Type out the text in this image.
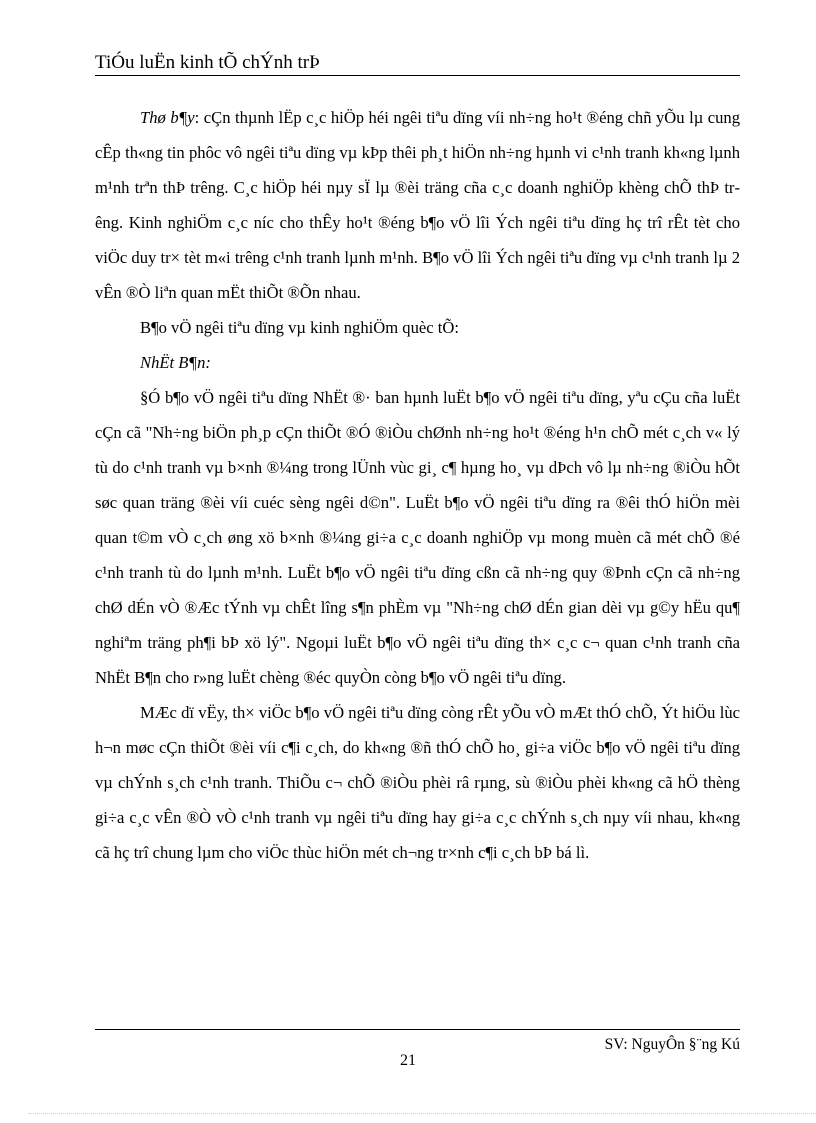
TiÓu luËn kinh tÕ chÝnh trÞ

Thø b¶y: cÇn thµnh lËp c¸c hiÖp héi ngêi tiªu dïng víi nh÷ng ho¹t ®éng chñ yÕu lµ cung cÊp th«ng tin phôc vô ngêi tiªu dïng vµ kÞp thêi ph¸t hiÖn nh÷ng hµnh vi c¹nh tranh kh«ng lµnh m¹nh trªn thÞ trêng. C¸c hiÖp héi nµy sÏ lµ ®èi träng cña c¸c doanh nghiÖp khèng chÕ thÞ trêng. Kinh nghiÖm c¸c níc cho thÊy ho¹t ®éng b¶o vÖ lîi Ých ngêi tiªu dïng hç trî rÊt tèt cho viÖc duy tr× tèt m«i trêng c¹nh tranh lµnh m¹nh. B¶o vÖ lîi Ých ngêi tiªu dïng vµ c¹nh tranh lµ 2 vÊn ®Ò liªn quan mËt thiÕt ®Õn nhau.

B¶o vÖ ngêi tiªu dïng vµ kinh nghiÖm quèc tÕ:

NhËt B¶n:

§Ó b¶o vÖ ngêi tiªu dïng NhËt ®· ban hµnh luËt b¶o vÖ ngêi tiªu dïng, yªu cÇu cña luËt cÇn cã "Nh÷ng biÖn ph¸p cÇn thiÕt ®Ó ®iÒu chØnh nh÷ng ho¹t ®éng h¹n chÕ mét c¸ch v« lý tù do c¹nh tranh vµ b×nh ®¼ng trong lÜnh vùc gi¸ c¶ hµng ho¸ vµ dÞch vô lµ nh÷ng ®iÒu hÕt søc quan träng ®èi víi cuéc sèng ngêi d©n". LuËt b¶o vÖ ngêi tiªu dïng ra ®êi thÓ hiÖn mèi quan t©m vÒ c¸ch øng xö b×nh ®¼ng gi÷a c¸c doanh nghiÖp vµ mong muèn cã mét chÕ ®é c¹nh tranh tù do lµnh m¹nh. LuËt b¶o vÖ ngêi tiªu dïng cßn cã nh÷ng quy ®Þnh cÇn cã nh÷ng chØ dÉn vÒ ®Æc tÝnh vµ chÊt lîng s¶n phÈm vµ "Nh÷ng chØ dÉn gian dèi vµ g©y hËu qu¶ nghiªm träng ph¶i bÞ xö lý". Ngoµi luËt b¶o vÖ ngêi tiªu dïng th× c¸c c¬ quan c¹nh tranh cña NhËt B¶n cho r»ng luËt chèng ®éc quyÒn còng b¶o vÖ ngêi tiªu dïng.

MÆc dï vËy, th× viÖc b¶o vÖ ngêi tiªu dïng còng rÊt yÕu vÒ mÆt thÓ chÕ, Ýt hiÖu lùc h¬n møc cÇn thiÕt ®èi víi c¶i c¸ch, do kh«ng ®ñ thÓ chÕ ho¸ gi÷a viÖc b¶o vÖ ngêi tiªu dïng vµ chÝnh s¸ch c¹nh tranh. ThiÕu c¬ chÕ ®iÒu phèi râ rµng, sù ®iÒu phèi kh«ng cã hÖ thèng gi÷a c¸c vÊn ®Ò vÒ c¹nh tranh vµ ngêi tiªu dïng hay gi÷a c¸c chÝnh s¸ch nµy víi nhau, kh«ng cã hç trî chung lµm cho viÖc thùc hiÖn mét ch¬ng tr×nh c¶i c¸ch bÞ bá lì.

SV: NguyÔn §¨ng Kú
21
